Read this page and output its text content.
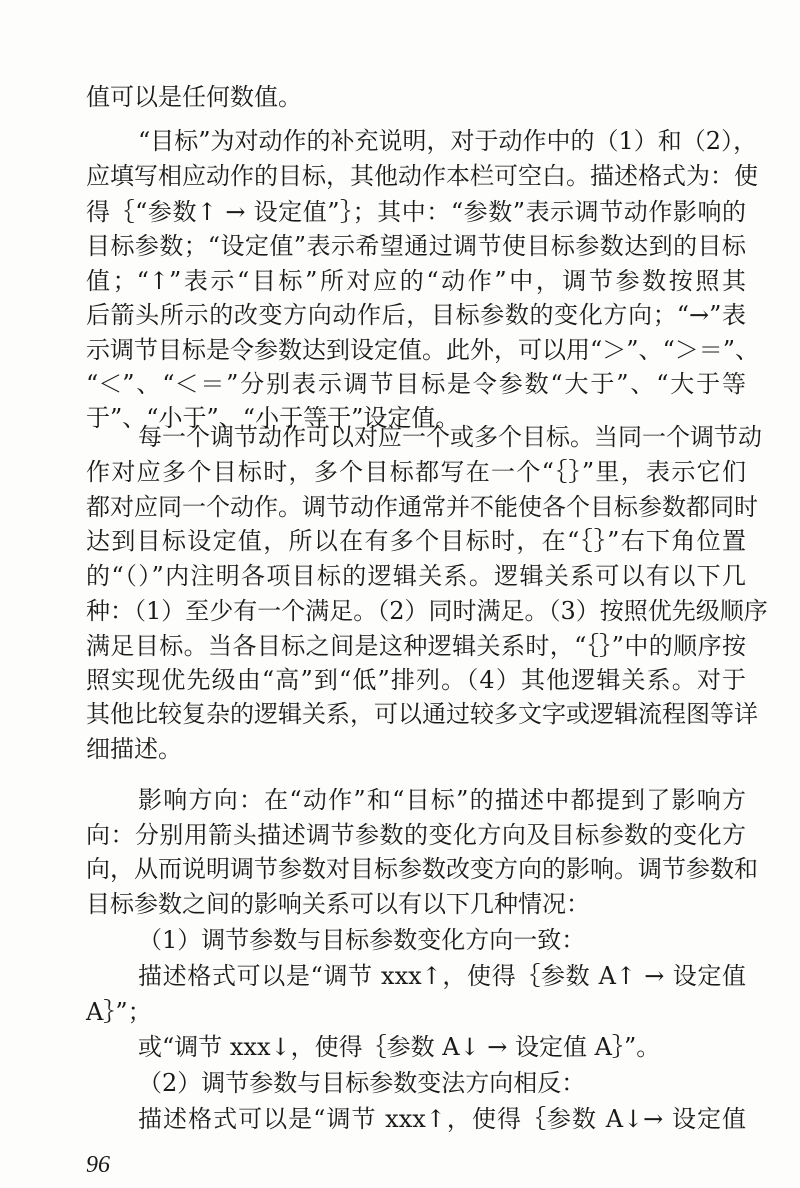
值可以是任何数值。
“目标”为对动作的补充说明，对于动作中的（1）和（2），
应填写相应动作的目标，其他动作本栏可空白。描述格式为：使
得｛“参数↑ → 设定值”｝；其中：“参数”表示调节动作影响的
目标参数；“设定值”表示希望通过调节使目标参数达到的目标
值；“↑”表示“目标”所对应的“动作”中，调节参数按照其
后箭头所示的改变方向动作后，目标参数的变化方向；“→”表
示调节目标是令参数达到设定值。此外，可以用“＞”、“＞＝”、
“＜”、“＜＝”分别表示调节目标是令参数“大于”、“大于等
于”、“小于”、“小于等于”设定值。
每一个调节动作可以对应一个或多个目标。当同一个调节动
作对应多个目标时，多个目标都写在一个“｛｝”里，表示它们
都对应同一个动作。调节动作通常并不能使各个目标参数都同时
达到目标设定值，所以在有多个目标时，在“｛｝”右下角位置
的“（）”内注明各项目标的逻辑关系。逻辑关系可以有以下几
种：（1）至少有一个满足。（2）同时满足。（3）按照优先级顺序
满足目标。当各目标之间是这种逻辑关系时，“｛｝”中的顺序按
照实现优先级由“高”到“低”排列。（4）其他逻辑关系。对于
其他比较复杂的逻辑关系，可以通过较多文字或逻辑流程图等详
细描述。
影响方向：在“动作”和“目标”的描述中都提到了影响方
向：分别用箭头描述调节参数的变化方向及目标参数的变化方
向，从而说明调节参数对目标参数改变方向的影响。调节参数和
目标参数之间的影响关系可以有以下几种情况：
（1）调节参数与目标参数变化方向一致：
描述格式可以是“调节 xxx↑，使得｛参数 A↑ → 设定值
A｝”；
或“调节 xxx↓，使得｛参数 A↓ → 设定值 A｝”。
（2）调节参数与目标参数变法方向相反：
描述格式可以是“调节 xxx↑，使得｛参数 A↓→ 设定值
96
